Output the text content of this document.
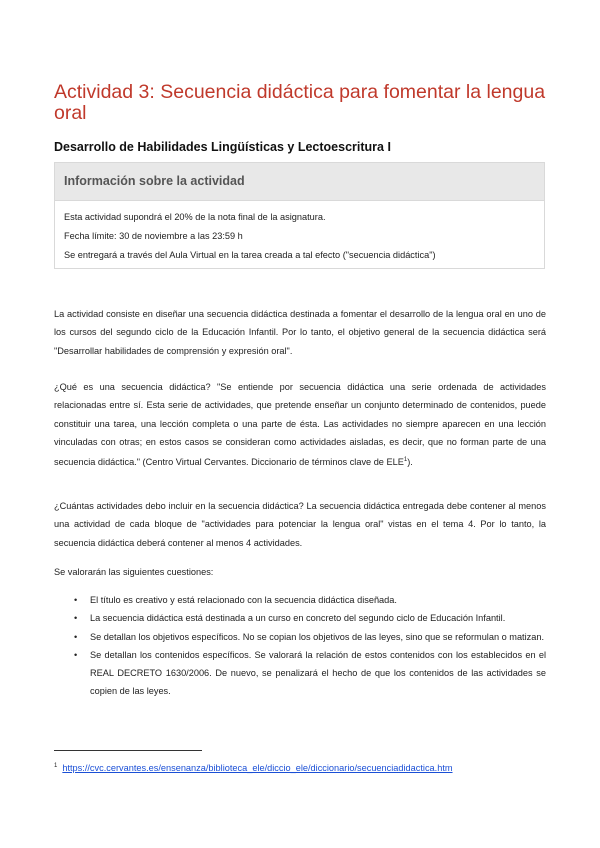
Actividad 3: Secuencia didáctica para fomentar la lengua oral
Desarrollo de Habilidades Lingüísticas y Lectoescritura I
Información sobre la actividad
Esta actividad supondrá el 20% de la nota final de la asignatura.
Fecha límite: 30 de noviembre a las 23:59 h
Se entregará a través del Aula Virtual en la tarea creada a tal efecto ("secuencia didáctica")

La actividad consiste en diseñar una secuencia didáctica destinada a fomentar el desarrollo de la lengua oral en uno de los cursos del segundo ciclo de la Educación Infantil. Por lo tanto, el objetivo general de la secuencia didáctica será "Desarrollar habilidades de comprensión y expresión oral".

¿Qué es una secuencia didáctica? "Se entiende por secuencia didáctica una serie ordenada de actividades relacionadas entre sí. Esta serie de actividades, que pretende enseñar un conjunto determinado de contenidos, puede constituir una tarea, una lección completa o una parte de ésta. Las actividades no siempre aparecen en una lección vinculadas con otras; en estos casos se consideran como actividades aisladas, es decir, que no forman parte de una secuencia didáctica." (Centro Virtual Cervantes. Diccionario de términos clave de ELE$^1$).

¿Cuántas actividades debo incluir en la secuencia didáctica? La secuencia didáctica entregada debe contener al menos una actividad de cada bloque de "actividades para potenciar la lengua oral" vistas en el tema 4. Por lo tanto, la secuencia didáctica deberá contener al menos 4 actividades.

Se valorarán las siguientes cuestiones:

• El título es creativo y está relacionado con la secuencia didáctica diseñada.
• La secuencia didáctica está destinada a un curso en concreto del segundo ciclo de Educación Infantil.
• Se detallan los objetivos específicos. No se copian los objetivos de las leyes, sino que se reformulan o matizan.
• Se detallan los contenidos específicos. Se valorará la relación de estos contenidos con los establecidos en el REAL DECRETO 1630/2006. De nuevo, se penalizará el hecho de que los contenidos de las actividades se copien de las leyes.
$^1$ https://cvc.cervantes.es/ensenanza/biblioteca_ele/diccio_ele/diccionario/secuenciadidactica.htm
